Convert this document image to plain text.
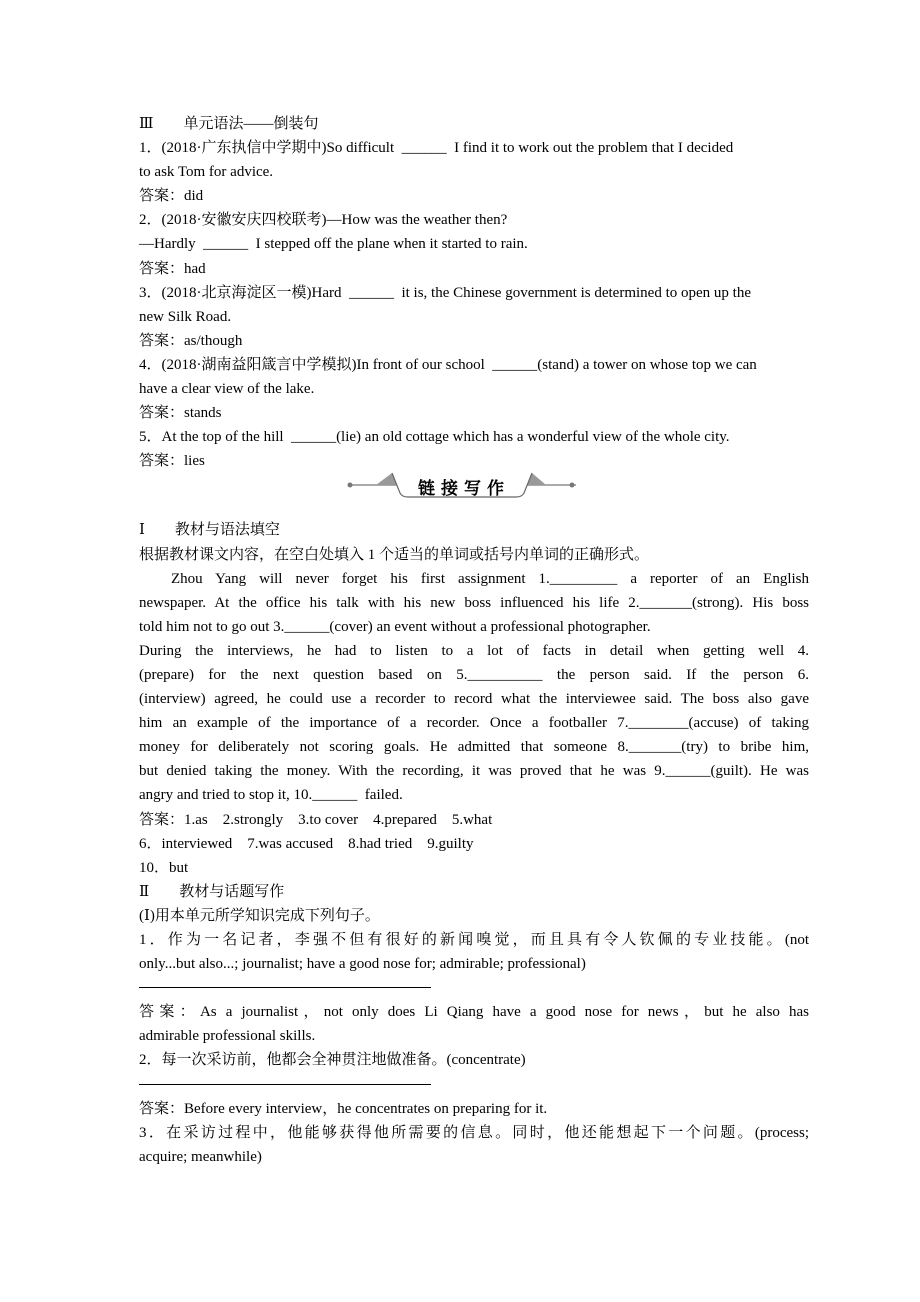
Ⅲ　　单元语法——倒装句
1．(2018·广东执信中学期中)So difficult  ______  I find it to work out the problem that I decided
to ask Tom for advice.
答案：did
2．(2018·安徽安庆四校联考)—How was the weather then?
—Hardly  ______  I stepped off the plane when it started to rain.
答案：had
3．(2018·北京海淀区一模)Hard  ______  it is, the Chinese government is determined to open up the
new Silk Road.
答案：as/though
4．(2018·湖南益阳箴言中学模拟)In front of our school  ______(stand) a tower on whose top we can
have a clear view of the lake.
答案：stands
5．At the top of the hill  ______(lie) an old cottage which has a wonderful view of the whole city.
答案：lies
链接写作
Ⅰ　　教材与语法填空
根据教材课文内容，在空白处填入 1 个适当的单词或括号内单词的正确形式。
Zhou Yang will never forget his first assignment 1._________ a reporter of an English
newspaper. At the office his talk with his new boss influenced his life 2._______(strong). His boss
told him not to go out 3.______(cover) an event without a professional photographer.
During the interviews, he had to listen to a lot of facts in detail when getting well 4.
(prepare) for the next question based on 5.__________ the person said. If the person 6.
(interview) agreed, he could use a recorder to record what the interviewee said. The boss also gave
him an example of the importance of a recorder. Once a footballer 7.________(accuse) of taking
money for deliberately not scoring goals. He admitted that someone 8._______(try) to bribe him,
but denied taking the money. With the recording, it was proved that he was 9.______(guilt). He was
angry and tried to stop it, 10.______  failed.
答案：1.as　2.strongly　3.to cover　4.prepared　5.what
6．interviewed　7.was accused　8.had tried　9.guilty
10．but
Ⅱ　　教材与话题写作
(Ⅰ)用本单元所学知识完成下列句子。
1．作为一名记者，李强不但有很好的新闻嗅觉，而且具有令人钦佩的专业技能。(not
only...but also...; journalist; have a good nose for; admirable; professional)
答案：As a journalist，not only does Li Qiang have a good nose for news，but he also has
admirable professional skills.
2．每一次采访前，他都会全神贯注地做准备。(concentrate)
答案：Before every interview，he concentrates on preparing for it.
3．在采访过程中，他能够获得他所需要的信息。同时，他还能想起下一个问题。(process;
acquire; meanwhile)
